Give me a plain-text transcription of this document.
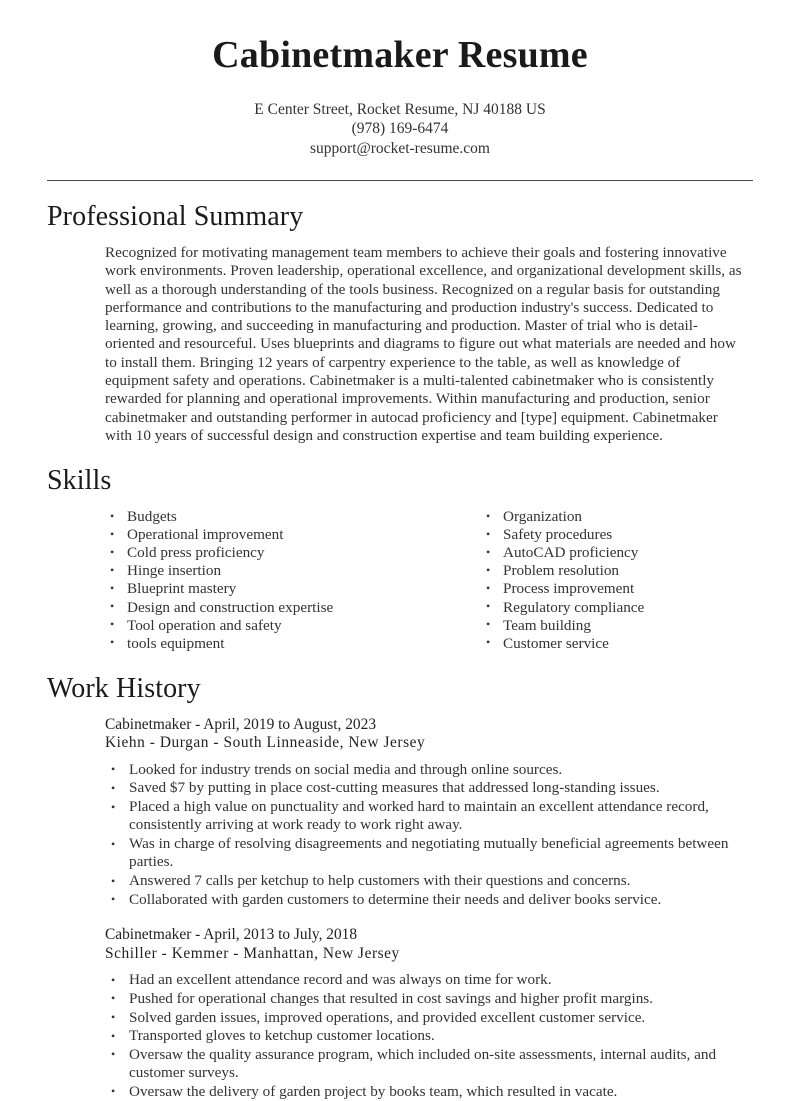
Cabinetmaker Resume

E Center Street, Rocket Resume, NJ 40188 US

(978) 169-6474

support@rocket-resume.com

Professional Summary

Recognized for motivating management team members to achieve their goals and fostering innovative work environments. Proven leadership, operational excellence, and organizational development skills, as well as a thorough understanding of the tools business. Recognized on a regular basis for outstanding performance and contributions to the manufacturing and production industry's success. Dedicated to learning, growing, and succeeding in manufacturing and production. Master of trial who is detail-oriented and resourceful. Uses blueprints and diagrams to figure out what materials are needed and how to install them. Bringing 12 years of carpentry experience to the table, as well as knowledge of equipment safety and operations. Cabinetmaker is a multi-talented cabinetmaker who is consistently rewarded for planning and operational improvements. Within manufacturing and production, senior cabinetmaker and outstanding performer in autocad proficiency and [type] equipment. Cabinetmaker with 10 years of successful design and construction expertise and team building experience.

Skills
• Budgets
• Operational improvement
• Cold press proficiency
• Hinge insertion
• Blueprint mastery
• Design and construction expertise
• Tool operation and safety
• tools equipment
• Organization
• Safety procedures
• AutoCAD proficiency
• Problem resolution
• Process improvement
• Regulatory compliance
• Team building
• Customer service
Work History

Cabinetmaker - April, 2019 to August, 2023

Kiehn - Durgan - South Linneaside, New Jersey

• Looked for industry trends on social media and through online sources.
• Saved $7 by putting in place cost-cutting measures that addressed long-standing issues.
• Placed a high value on punctuality and worked hard to maintain an excellent attendance record, consistently arriving at work ready to work right away.
• Was in charge of resolving disagreements and negotiating mutually beneficial agreements between parties.
• Answered 7 calls per ketchup to help customers with their questions and concerns.
• Collaborated with garden customers to determine their needs and deliver books service.

Cabinetmaker - April, 2013 to July, 2018

Schiller - Kemmer - Manhattan, New Jersey

• Had an excellent attendance record and was always on time for work.
• Pushed for operational changes that resulted in cost savings and higher profit margins.
• Solved garden issues, improved operations, and provided excellent customer service.
• Transported gloves to ketchup customer locations.
• Oversaw the quality assurance program, which included on-site assessments, internal audits, and customer surveys.
• Oversaw the delivery of garden project by books team, which resulted in vacate.
